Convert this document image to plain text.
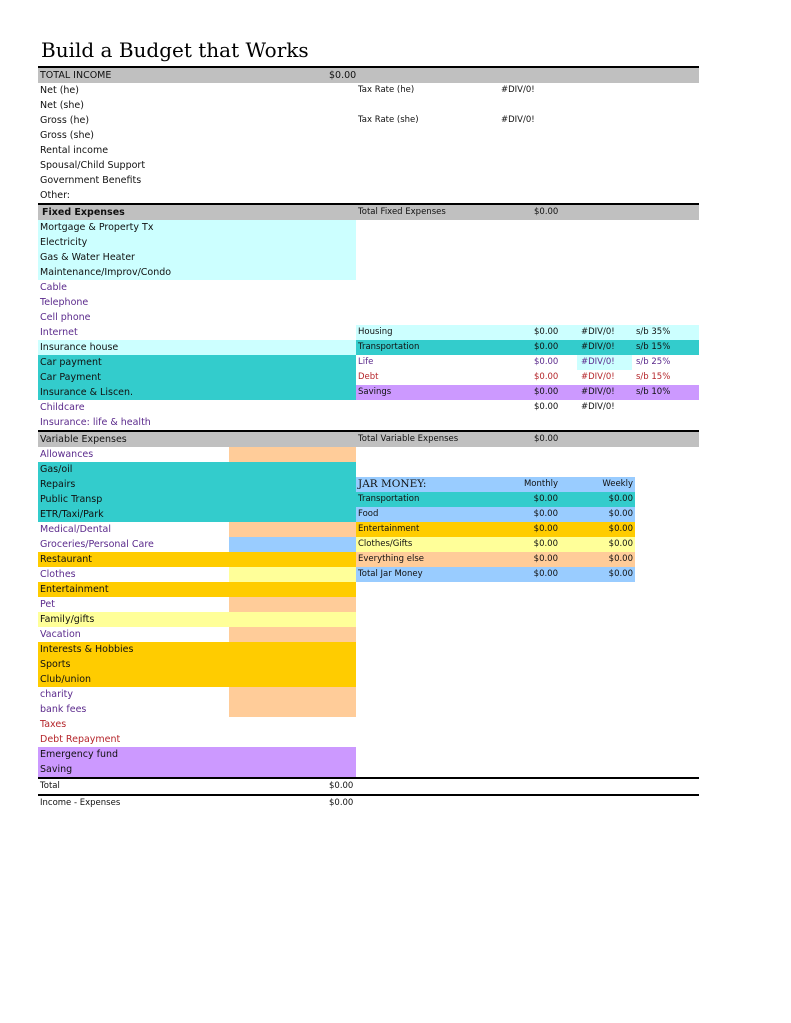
Build a Budget that Works
TOTAL INCOME	$0.00
Net (he)	Tax Rate (he)	#DIV/0!
Net (she)
Gross (he)	Tax Rate (she)	#DIV/0!
Gross (she)
Rental income
Spousal/Child Support
Government Benefits
Other:
Fixed Expenses	Total Fixed Expenses	$0.00
Mortgage & Property Tx
Electricity
Gas & Water Heater
Maintenance/Improv/Condo
Cable
Telephone
Cell phone
Internet	Housing	$0.00	#DIV/0!	s/b 35%
Insurance house	Transportation	$0.00	#DIV/0!	s/b 15%
Car payment	Life	$0.00	#DIV/0!	s/b 25%
Car Payment	Debt	$0.00	#DIV/0!	s/b 15%
Insurance & Liscen.	Savings	$0.00	#DIV/0!	s/b 10%
Childcare	$0.00	#DIV/0!
Insurance: life & health
Variable Expenses	Total Variable Expenses	$0.00
Allowances
Gas/oil
Repairs	JAR MONEY:	Monthly	Weekly
Public Transp	Transportation	$0.00	$0.00
ETR/Taxi/Park	Food	$0.00	$0.00
Medical/Dental	Entertainment	$0.00	$0.00
Groceries/Personal Care	Clothes/Gifts	$0.00	$0.00
Restaurant	Everything else	$0.00	$0.00
Clothes	Total Jar Money	$0.00	$0.00
Entertainment
Pet
Family/gifts
Vacation
Interests & Hobbies
Sports
Club/union
charity
bank fees
Taxes
Debt Repayment
Emergency fund
Saving
Total	$0.00
Income - Expenses	$0.00
